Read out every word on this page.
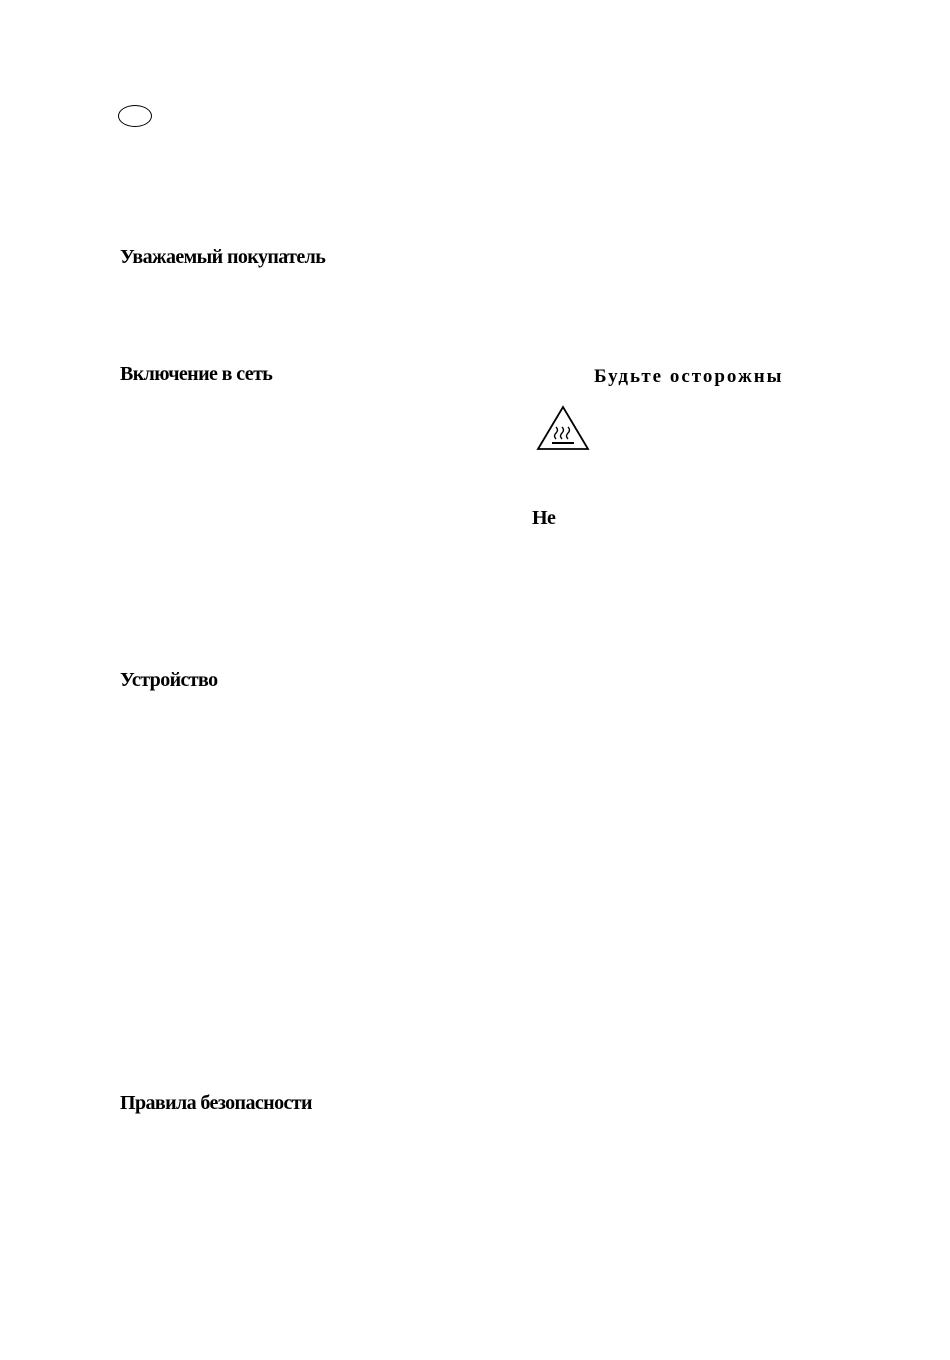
Уважаемый покупатель
Включение в сеть	Будьте осторожны
Не
Устройство
Правила безопасности
